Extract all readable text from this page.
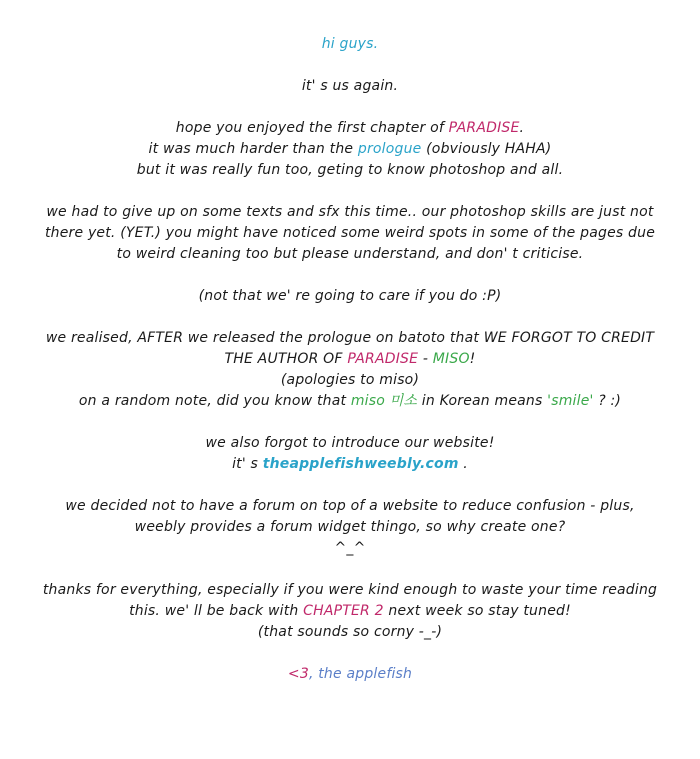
hi guys.
it' s us again.
hope you enjoyed the first chapter of PARADISE.
it was much harder than the prologue (obviously HAHA)
but it was really fun too, geting to know photoshop and all.
we had to give up on some texts and sfx this time.. our photoshop skills are just not
there yet. (YET.) you might have noticed some weird spots in some of the pages due
to weird cleaning too but please understand, and don' t criticise.
(not that we' re going to care if you do :P)
we realised, AFTER we released the prologue on batoto that WE FORGOT TO CREDIT
THE AUTHOR OF PARADISE - MISO!
(apologies to miso)
on a random note, did you know that miso 미소 in Korean means 'smile' ? :)
we also forgot to introduce our website!
it' s theapplefishweebly.com .
we decided not to have a forum on top of a website to reduce confusion - plus,
weebly provides a forum widget thingo, so why create one?
^_^
thanks for everything, especially if you were kind enough to waste your time reading
this. we' ll be back with CHAPTER 2 next week so stay tuned!
(that sounds so corny -_-)
<3, the applefish
